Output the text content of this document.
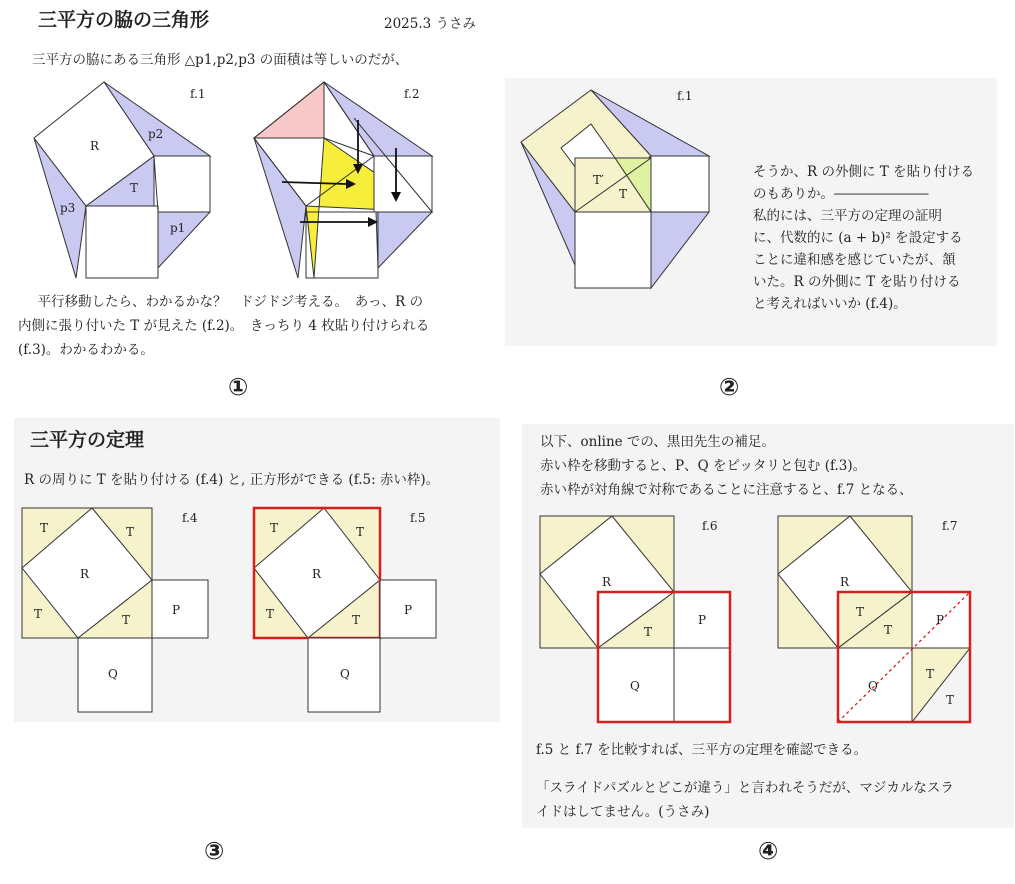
三平方の脇の三角形	2025.3 うさみ
三平方の脇にある三角形 △p1,p2,p3 の面積は等しいのだが、
f.1
R
p2
T
p3
p1
f.2
　平行移動したら、わかるかな？　ドジドジ考える。　あっ、R の
内側に張り付いた T が見えた (f.2)。　きっちり 4 枚貼り付けられる
(f.3)。わかるわかる。
f.1
T′
T
そうか、R の外側に T を貼り付ける
のもありか。―――――――
私的には、三平方の定理の証明
に、代数的に (a + b)² を設定する
ことに違和感を感じていたが、頷
いた。R の外側に T を貼り付ける
と考えればいいか (f.4)。
三平方の定理
R の周りに T を貼り付ける (f.4) と, 正方形ができる (f.5: 赤い枠)。
f.4
T	T
R
T	T
P
Q
f.5
T	T
R
T	T
P
Q
以下、online での、黒田先生の補足。
赤い枠を移動すると、P、Q をピッタリと包む (f.3)。
赤い枠が対角線で対称であることに注意すると、f.7 となる、
f.6
R
T
P
Q
f.7
R
T
T
P
Q
T
T
f.5 と f.7 を比較すれば、三平方の定理を確認できる。
「スライドパズルとどこが違う」と言われそうだが、マジカルなスラ
イドはしてません。(うさみ)
①	②
③	④
